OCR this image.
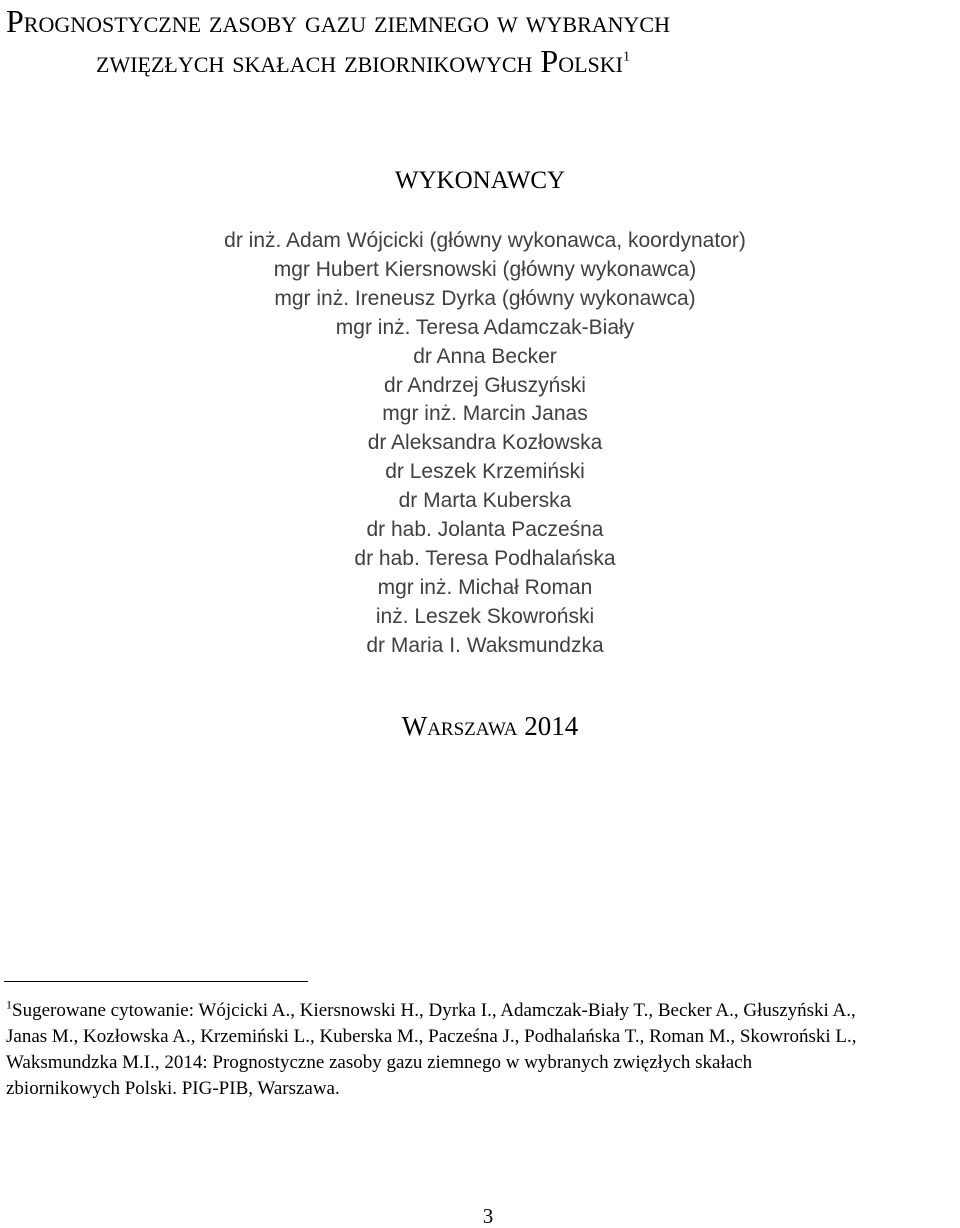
Prognostyczne zasoby gazu ziemnego w wybranych
zwięzłych skałach zbiornikowych Polski$^1$
WYKONAWCY
dr inż. Adam Wójcicki (główny wykonawca, koordynator)
mgr Hubert Kiersnowski (główny wykonawca)
mgr inż. Ireneusz Dyrka (główny wykonawca)
mgr inż. Teresa Adamczak-Biały
dr Anna Becker
dr Andrzej Głuszyński
mgr inż. Marcin Janas
dr Aleksandra Kozłowska
dr Leszek Krzemiński
dr Marta Kuberska
dr hab. Jolanta Pacześna
dr hab. Teresa Podhalańska
mgr inż. Michał Roman
inż. Leszek Skowroński
dr Maria I. Waksmundzka
Warszawa 2014
$^1$Sugerowane cytowanie: Wójcicki A., Kiersnowski H., Dyrka I., Adamczak-Biały T., Becker A., Głuszyński A.,
Janas M., Kozłowska A., Krzemiński L., Kuberska M., Pacześna J., Podhalańska T., Roman M., Skowroński L.,
Waksmundzka M.I., 2014: Prognostyczne zasoby gazu ziemnego w wybranych zwięzłych skałach
zbiornikowych Polski. PIG-PIB, Warszawa.
3
